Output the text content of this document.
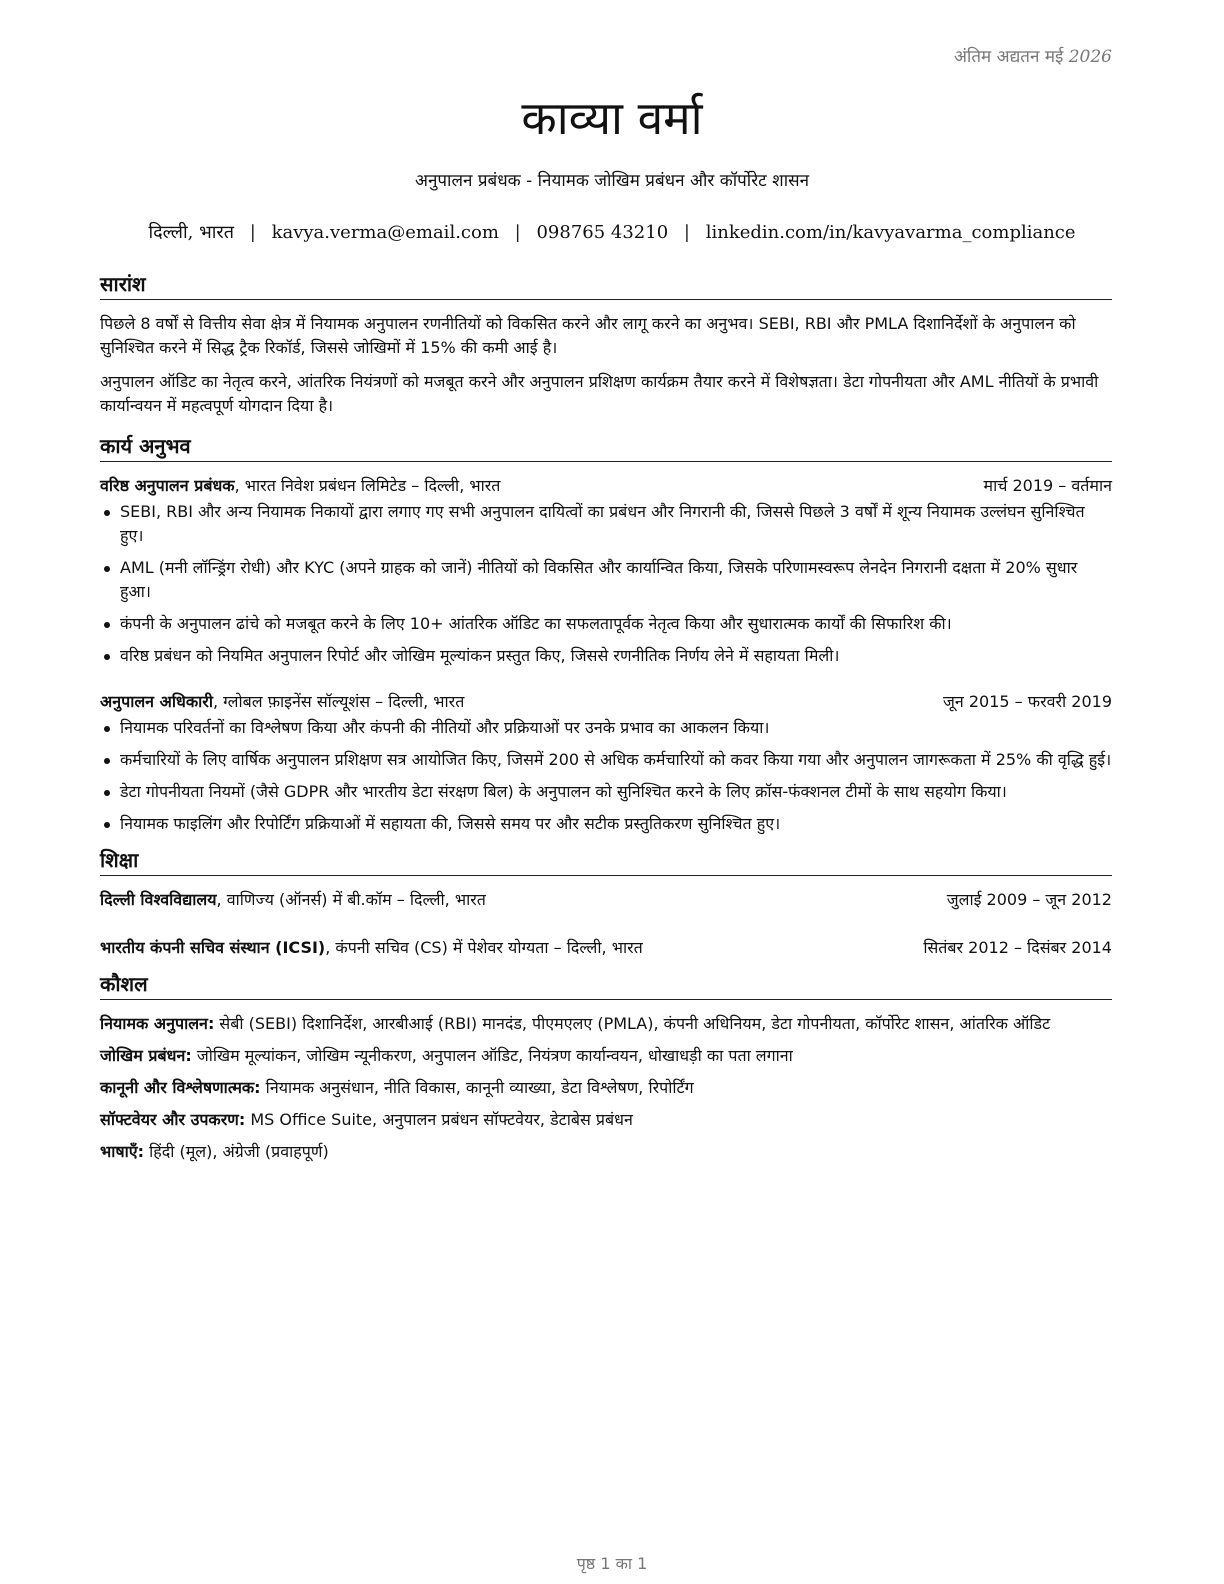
अंतिम अद्यतन मई 2026
काव्या वर्मा
अनुपालन प्रबंधक - नियामक जोखिम प्रबंधन और कॉर्पोरेट शासन
दिल्ली, भारत | kavya.verma@email.com | 098765 43210 | linkedin.com/in/kavyavarma_compliance
सारांश

पिछले 8 वर्षों से वित्तीय सेवा क्षेत्र में नियामक अनुपालन रणनीतियों को विकसित करने और लागू करने का अनुभव। SEBI, RBI और PMLA दिशानिर्देशों के अनुपालन को सुनिश्चित करने में सिद्ध ट्रैक रिकॉर्ड, जिससे जोखिमों में 15% की कमी आई है।

अनुपालन ऑडिट का नेतृत्व करने, आंतरिक नियंत्रणों को मजबूत करने और अनुपालन प्रशिक्षण कार्यक्रम तैयार करने में विशेषज्ञता। डेटा गोपनीयता और AML नीतियों के प्रभावी कार्यान्वयन में महत्वपूर्ण योगदान दिया है।

कार्य अनुभव
वरिष्ठ अनुपालन प्रबंधक, भारत निवेश प्रबंधन लिमिटेड – दिल्ली, भारत	मार्च 2019 – वर्तमान
SEBI, RBI और अन्य नियामक निकायों द्वारा लगाए गए सभी अनुपालन दायित्वों का प्रबंधन और निगरानी की, जिससे पिछले 3 वर्षों में शून्य नियामक उल्लंघन सुनिश्चित हुए।
AML (मनी लॉन्ड्रिंग रोधी) और KYC (अपने ग्राहक को जानें) नीतियों को विकसित और कार्यान्वित किया, जिसके परिणामस्वरूप लेनदेन निगरानी दक्षता में 20% सुधार हुआ।
कंपनी के अनुपालन ढांचे को मजबूत करने के लिए 10+ आंतरिक ऑडिट का सफलतापूर्वक नेतृत्व किया और सुधारात्मक कार्यों की सिफारिश की।
वरिष्ठ प्रबंधन को नियमित अनुपालन रिपोर्ट और जोखिम मूल्यांकन प्रस्तुत किए, जिससे रणनीतिक निर्णय लेने में सहायता मिली।
अनुपालन अधिकारी, ग्लोबल फ़ाइनेंस सॉल्यूशंस – दिल्ली, भारत	जून 2015 – फरवरी 2019
नियामक परिवर्तनों का विश्लेषण किया और कंपनी की नीतियों और प्रक्रियाओं पर उनके प्रभाव का आकलन किया।
कर्मचारियों के लिए वार्षिक अनुपालन प्रशिक्षण सत्र आयोजित किए, जिसमें 200 से अधिक कर्मचारियों को कवर किया गया और अनुपालन जागरूकता में 25% की वृद्धि हुई।
डेटा गोपनीयता नियमों (जैसे GDPR और भारतीय डेटा संरक्षण बिल) के अनुपालन को सुनिश्चित करने के लिए क्रॉस-फंक्शनल टीमों के साथ सहयोग किया।
नियामक फाइलिंग और रिपोर्टिंग प्रक्रियाओं में सहायता की, जिससे समय पर और सटीक प्रस्तुतिकरण सुनिश्चित हुए।
शिक्षा
दिल्ली विश्वविद्यालय, वाणिज्य (ऑनर्स) में बी.कॉम – दिल्ली, भारत	जुलाई 2009 – जून 2012
भारतीय कंपनी सचिव संस्थान (ICSI), कंपनी सचिव (CS) में पेशेवर योग्यता – दिल्ली, भारत	सितंबर 2012 – दिसंबर 2014
कौशल
नियामक अनुपालन: सेबी (SEBI) दिशानिर्देश, आरबीआई (RBI) मानदंड, पीएमएलए (PMLA), कंपनी अधिनियम, डेटा गोपनीयता, कॉर्पोरेट शासन, आंतरिक ऑडिट
जोखिम प्रबंधन: जोखिम मूल्यांकन, जोखिम न्यूनीकरण, अनुपालन ऑडिट, नियंत्रण कार्यान्वयन, धोखाधड़ी का पता लगाना
कानूनी और विश्लेषणात्मक: नियामक अनुसंधान, नीति विकास, कानूनी व्याख्या, डेटा विश्लेषण, रिपोर्टिंग
सॉफ्टवेयर और उपकरण: MS Office Suite, अनुपालन प्रबंधन सॉफ्टवेयर, डेटाबेस प्रबंधन
भाषाएँ: हिंदी (मूल), अंग्रेजी (प्रवाहपूर्ण)
पृष्ठ 1 का 1
